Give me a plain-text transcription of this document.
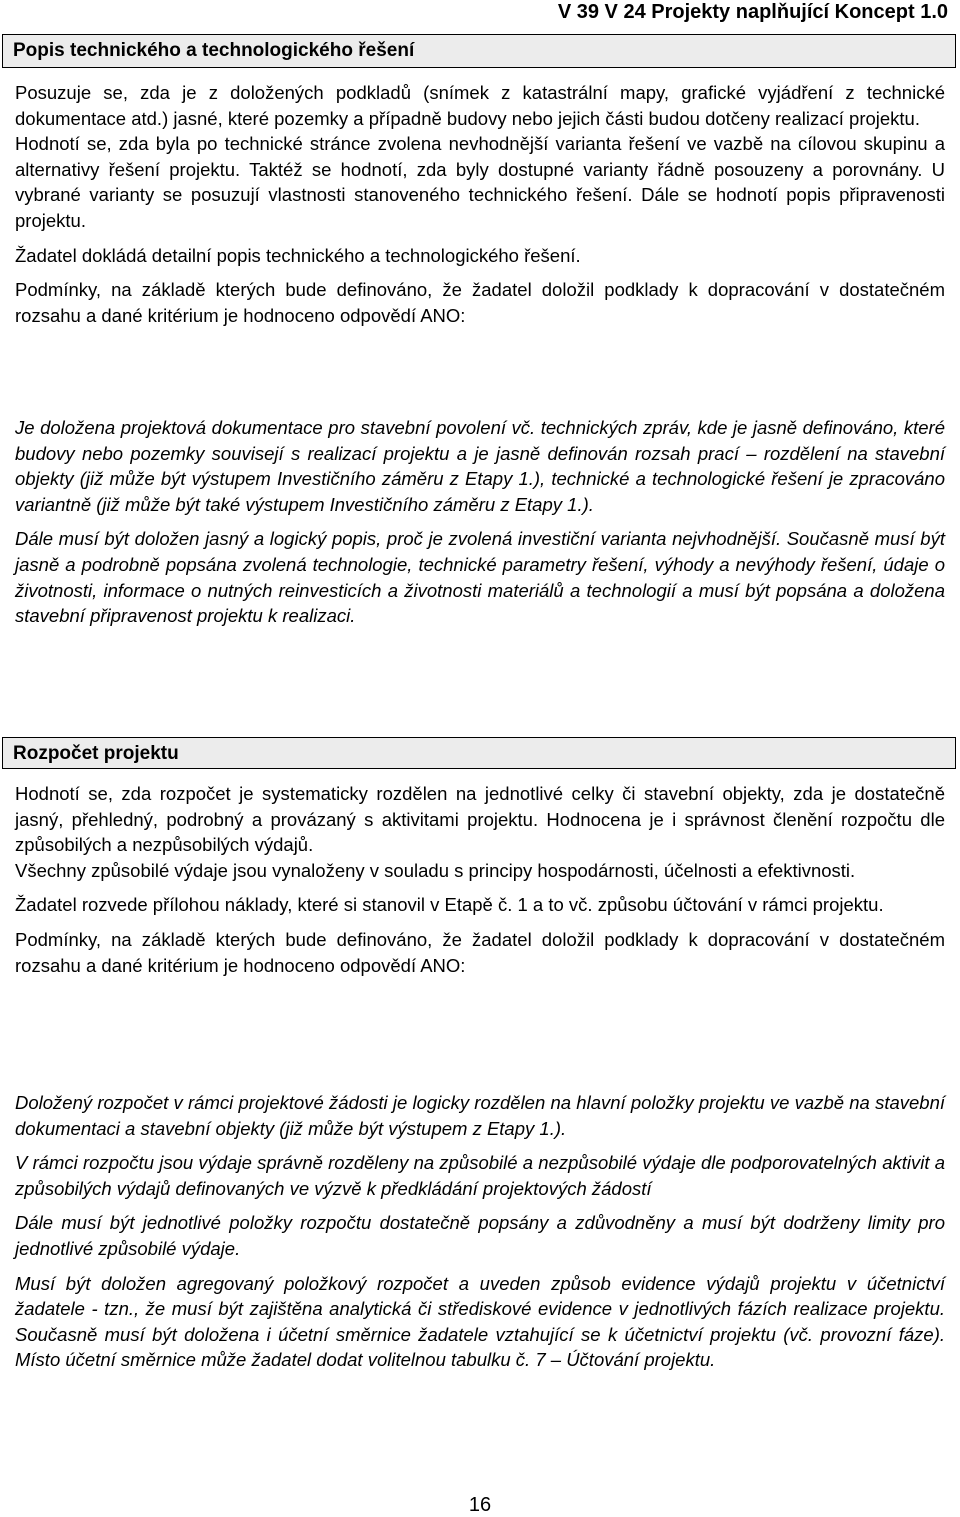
V 39 V 24 Projekty naplňující Koncept 1.0
Popis technického a technologického řešení

Posuzuje se, zda je z doložených podkladů (snímek z katastrální mapy, grafické vyjádření z technické dokumentace atd.) jasné, které pozemky a případně budovy nebo jejich části budou dotčeny realizací projektu.

Hodnotí se, zda byla po technické stránce zvolena nevhodnější varianta řešení ve vazbě na cílovou skupinu a alternativy řešení projektu. Taktéž se hodnotí, zda byly dostupné varianty řádně posouzeny a porovnány. U vybrané varianty se posuzují vlastnosti stanoveného technického řešení. Dále se hodnotí popis připravenosti projektu.

Žadatel dokládá detailní popis technického a technologického řešení.

Podmínky, na základě kterých bude definováno, že žadatel doložil podklady k dopracování v dostatečném rozsahu a dané kritérium je hodnoceno odpovědí ANO:

Je doložena projektová dokumentace pro stavební povolení vč. technických zpráv, kde je jasně definováno, které budovy nebo pozemky souvisejí s realizací projektu a je jasně definován rozsah prací – rozdělení na stavební objekty (již může být výstupem Investičního záměru z Etapy 1.), technické a technologické řešení je zpracováno variantně (již může být také výstupem Investičního záměru z Etapy 1.).

Dále musí být doložen jasný a logický popis, proč je zvolená investiční varianta nejvhodnější. Současně musí být jasně a podrobně popsána zvolená technologie, technické parametry řešení, výhody a nevýhody řešení, údaje o životnosti, informace o nutných reinvesticích a životnosti materiálů a technologií a musí být popsána a doložena stavební připravenost projektu k realizaci.

Rozpočet projektu

Hodnotí se, zda rozpočet je systematicky rozdělen na jednotlivé celky či stavební objekty, zda je dostatečně jasný, přehledný, podrobný a provázaný s aktivitami projektu. Hodnocena je i správnost členění rozpočtu dle způsobilých a nezpůsobilých výdajů.

Všechny způsobilé výdaje jsou vynaloženy v souladu s principy hospodárnosti, účelnosti a efektivnosti.

Žadatel rozvede přílohou náklady, které si stanovil v Etapě č. 1 a to vč. způsobu účtování v rámci projektu.

Podmínky, na základě kterých bude definováno, že žadatel doložil podklady k dopracování v dostatečném rozsahu a dané kritérium je hodnoceno odpovědí ANO:

Doložený rozpočet v rámci projektové žádosti je logicky rozdělen na hlavní položky projektu ve vazbě na stavební dokumentaci a stavební objekty (již může být výstupem z Etapy 1.).

V rámci rozpočtu jsou výdaje správně rozděleny na způsobilé a nezpůsobilé výdaje dle podporovatelných aktivit a způsobilých výdajů definovaných ve výzvě k předkládání projektových žádostí

Dále musí být jednotlivé položky rozpočtu dostatečně popsány a zdůvodněny a musí být dodrženy limity pro jednotlivé způsobilé výdaje.

Musí být doložen agregovaný položkový rozpočet a uveden způsob evidence výdajů projektu v účetnictví žadatele - tzn., že musí být zajištěna analytická či střediskové evidence v jednotlivých fázích realizace projektu. Současně musí být doložena i účetní směrnice žadatele vztahující se k účetnictví projektu (vč. provozní fáze). Místo účetní směrnice může žadatel dodat volitelnou tabulku č. 7 – Účtování projektu.

16
